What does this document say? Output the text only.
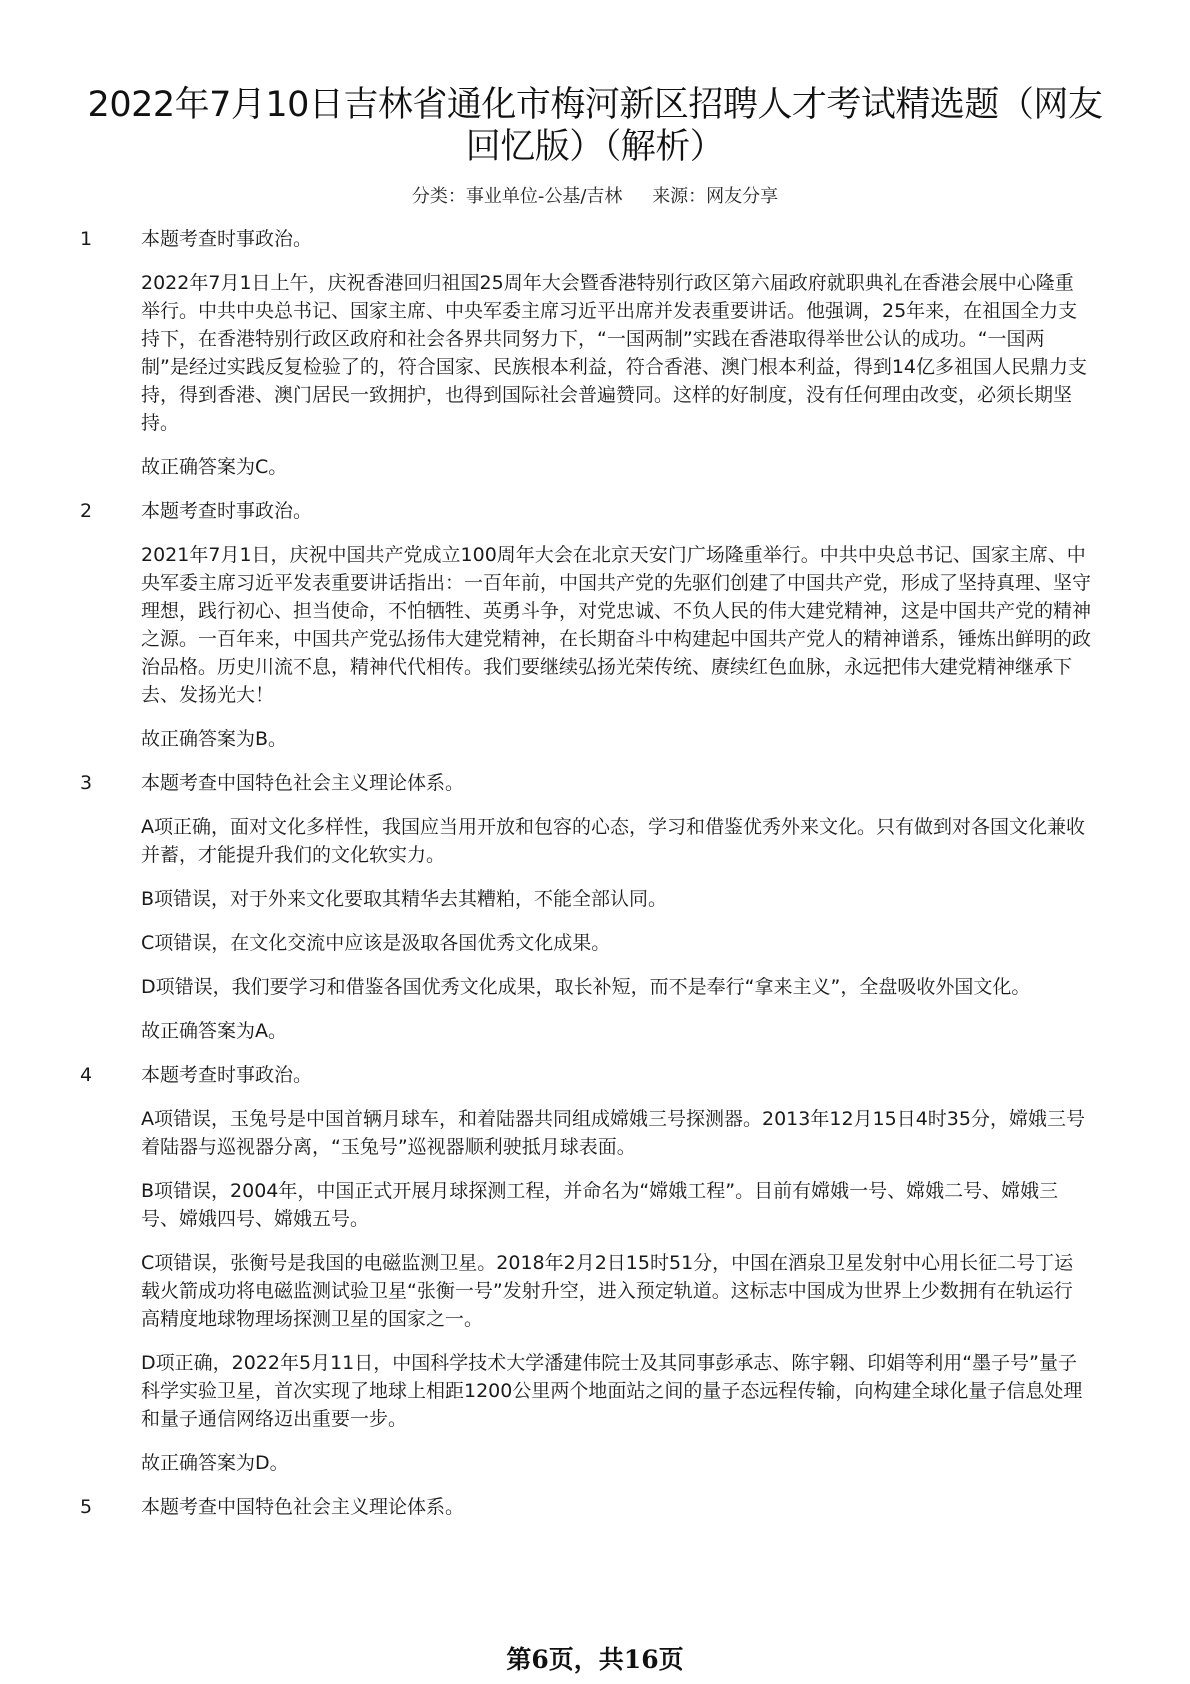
2022年7月10日吉林省通化市梅河新区招聘人才考试精选题（网友回忆版）（解析）
分类：事业单位-公基/吉林 来源：网友分享
1	本题考查时事政治。
2022年7月1日上午，庆祝香港回归祖国25周年大会暨香港特别行政区第六届政府就职典礼在香港会展中心隆重举行。中共中央总书记、国家主席、中央军委主席习近平出席并发表重要讲话。他强调，25年来，在祖国全力支持下，在香港特别行政区政府和社会各界共同努力下，“一国两制”实践在香港取得举世公认的成功。“一国两制”是经过实践反复检验了的，符合国家、民族根本利益，符合香港、澳门根本利益，得到14亿多祖国人民鼎力支持，得到香港、澳门居民一致拥护，也得到国际社会普遍赞同。这样的好制度，没有任何理由改变，必须长期坚持。
故正确答案为C。
2	本题考查时事政治。
2021年7月1日，庆祝中国共产党成立100周年大会在北京天安门广场隆重举行。中共中央总书记、国家主席、中央军委主席习近平发表重要讲话指出：一百年前，中国共产党的先驱们创建了中国共产党，形成了坚持真理、坚守理想，践行初心、担当使命，不怕牺牲、英勇斗争，对党忠诚、不负人民的伟大建党精神，这是中国共产党的精神之源。一百年来，中国共产党弘扬伟大建党精神，在长期奋斗中构建起中国共产党人的精神谱系，锤炼出鲜明的政治品格。历史川流不息，精神代代相传。我们要继续弘扬光荣传统、赓续红色血脉，永远把伟大建党精神继承下去、发扬光大！
故正确答案为B。
3	本题考查中国特色社会主义理论体系。
A项正确，面对文化多样性，我国应当用开放和包容的心态，学习和借鉴优秀外来文化。只有做到对各国文化兼收并蓄，才能提升我们的文化软实力。
B项错误，对于外来文化要取其精华去其糟粕，不能全部认同。
C项错误，在文化交流中应该是汲取各国优秀文化成果。
D项错误，我们要学习和借鉴各国优秀文化成果，取长补短，而不是奉行“拿来主义”，全盘吸收外国文化。
故正确答案为A。
4	本题考查时事政治。
A项错误，玉兔号是中国首辆月球车，和着陆器共同组成嫦娥三号探测器。2013年12月15日4时35分，嫦娥三号着陆器与巡视器分离，“玉兔号”巡视器顺利驶抵月球表面。
B项错误，2004年，中国正式开展月球探测工程，并命名为“嫦娥工程”。目前有嫦娥一号、嫦娥二号、嫦娥三号、嫦娥四号、嫦娥五号。
C项错误，张衡号是我国的电磁监测卫星。2018年2月2日15时51分，中国在酒泉卫星发射中心用长征二号丁运载火箭成功将电磁监测试验卫星“张衡一号”发射升空，进入预定轨道。这标志中国成为世界上少数拥有在轨运行高精度地球物理场探测卫星的国家之一。
D项正确，2022年5月11日，中国科学技术大学潘建伟院士及其同事彭承志、陈宇翱、印娟等利用“墨子号”量子科学实验卫星，首次实现了地球上相距1200公里两个地面站之间的量子态远程传输，向构建全球化量子信息处理和量子通信网络迈出重要一步。
故正确答案为D。
5	本题考查中国特色社会主义理论体系。
第6页，共16页
